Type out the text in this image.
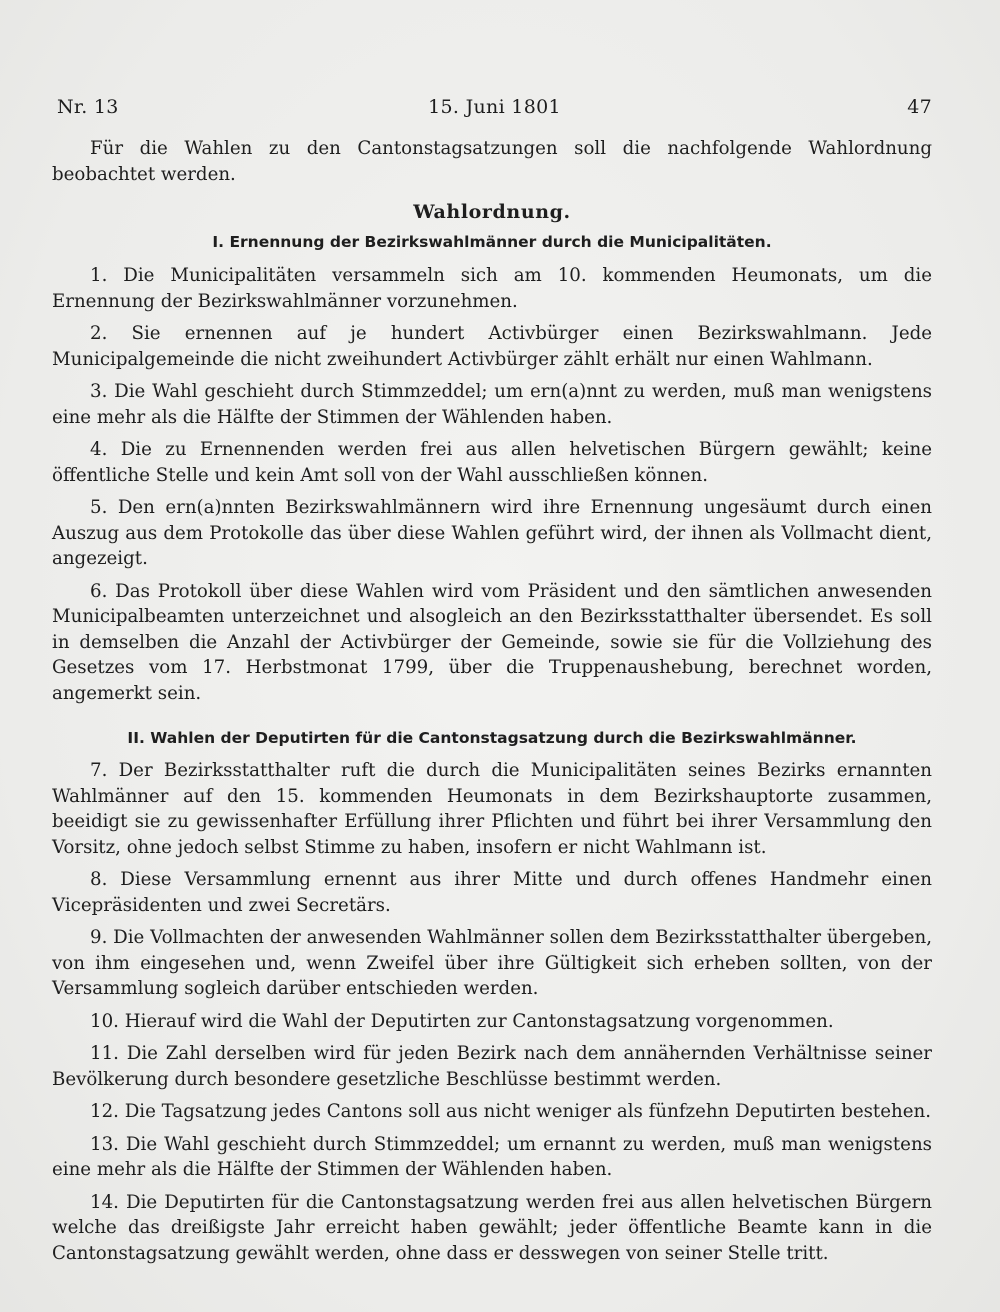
Nr. 13	15. Juni 1801	47

Für die Wahlen zu den Cantonstagsatzungen soll die nachfolgende Wahlordnung beobachtet werden.

Wahlordnung.
I. Ernennung der Bezirkswahlmänner durch die Municipalitäten.

1. Die Municipalitäten versammeln sich am 10. kommenden Heumonats, um die Ernennung der Bezirkswahlmänner vorzunehmen.

2. Sie ernennen auf je hundert Activbürger einen Bezirkswahlmann. Jede Municipalgemeinde die nicht zweihundert Activbürger zählt erhält nur einen Wahlmann.

3. Die Wahl geschieht durch Stimmzeddel; um ern(a)nnt zu werden, muß man wenigstens eine mehr als die Hälfte der Stimmen der Wählenden haben.

4. Die zu Ernennenden werden frei aus allen helvetischen Bürgern gewählt; keine öffentliche Stelle und kein Amt soll von der Wahl ausschließen können.

5. Den ern(a)nnten Bezirkswahlmännern wird ihre Ernennung ungesäumt durch einen Auszug aus dem Protokolle das über diese Wahlen geführt wird, der ihnen als Vollmacht dient, angezeigt.

6. Das Protokoll über diese Wahlen wird vom Präsident und den sämtlichen anwesenden Municipalbeamten unterzeichnet und alsogleich an den Bezirksstatthalter übersendet. Es soll in demselben die Anzahl der Activbürger der Gemeinde, sowie sie für die Vollziehung des Gesetzes vom 17. Herbstmonat 1799, über die Truppenaushebung, berechnet worden, angemerkt sein.

II. Wahlen der Deputirten für die Cantonstagsatzung durch die Bezirkswahlmänner.

7. Der Bezirksstatthalter ruft die durch die Municipalitäten seines Bezirks ernannten Wahlmänner auf den 15. kommenden Heumonats in dem Bezirkshauptorte zusammen, beeidigt sie zu gewissenhafter Erfüllung ihrer Pflichten und führt bei ihrer Versammlung den Vorsitz, ohne jedoch selbst Stimme zu haben, insofern er nicht Wahlmann ist.

8. Diese Versammlung ernennt aus ihrer Mitte und durch offenes Handmehr einen Vicepräsidenten und zwei Secretärs.

9. Die Vollmachten der anwesenden Wahlmänner sollen dem Bezirksstatthalter übergeben, von ihm eingesehen und, wenn Zweifel über ihre Gültigkeit sich erheben sollten, von der Versammlung sogleich darüber entschieden werden.

10. Hierauf wird die Wahl der Deputirten zur Cantonstagsatzung vorgenommen.

11. Die Zahl derselben wird für jeden Bezirk nach dem annähernden Verhältnisse seiner Bevölkerung durch besondere gesetzliche Beschlüsse bestimmt werden.

12. Die Tagsatzung jedes Cantons soll aus nicht weniger als fünfzehn Deputirten bestehen.

13. Die Wahl geschieht durch Stimmzeddel; um ernannt zu werden, muß man wenigstens eine mehr als die Hälfte der Stimmen der Wählenden haben.

14. Die Deputirten für die Cantonstagsatzung werden frei aus allen helvetischen Bürgern welche das dreißigste Jahr erreicht haben gewählt; jeder öffentliche Beamte kann in die Cantonstagsatzung gewählt werden, ohne dass er desswegen von seiner Stelle tritt.
